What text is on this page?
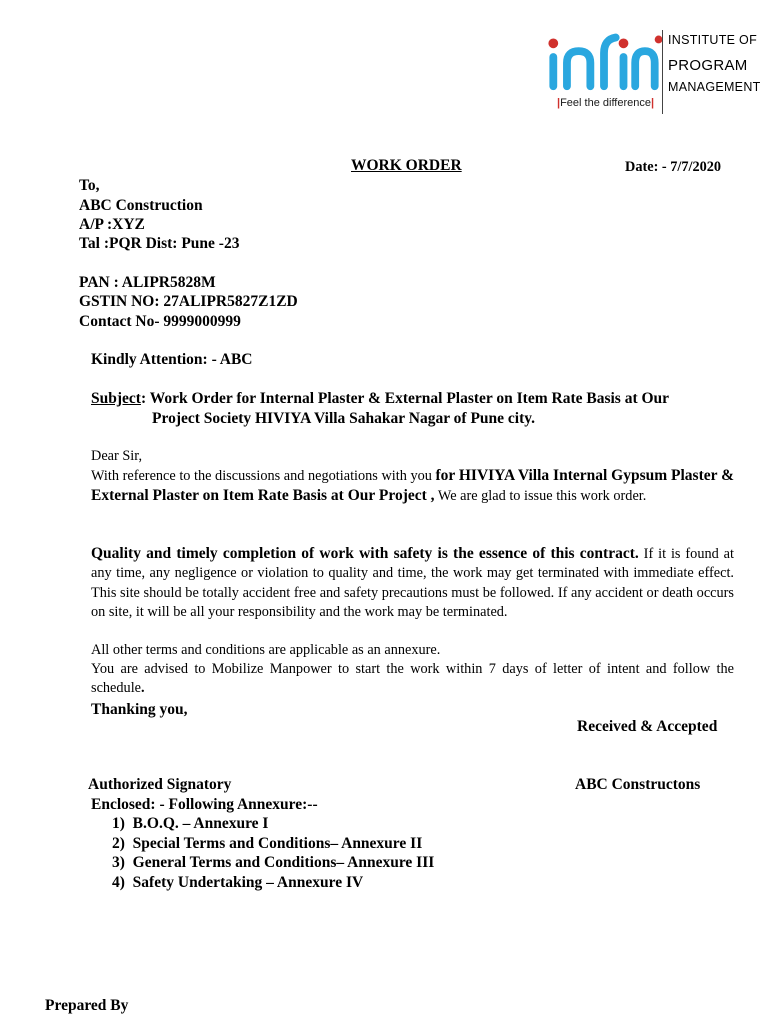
|Feel the difference|
INSTITUTE OF
PROGRAM
MANAGEMENT
WORK ORDER	Date: - 7/7/2020
To,
ABC Construction
A/P :XYZ
Tal :PQR Dist: Pune -23
PAN : ALIPR5828M
GSTIN NO: 27ALIPR5827Z1ZD
Contact No- 9999000999
Kindly Attention: - ABC
Subject: Work Order for Internal Plaster & External Plaster on Item Rate Basis at Our
Project Society HIVIYA Villa Sahakar Nagar of Pune city.
Dear Sir,
With reference to the discussions and negotiations with you for HIVIYA Villa Internal Gypsum Plaster & External Plaster on Item Rate Basis at Our Project , We are glad to issue this work order.
Quality and timely completion of work with safety is the essence of this contract. If it is found at any time, any negligence or violation to quality and time, the work may get terminated with immediate effect. This site should be totally accident free and safety precautions must be followed. If any accident or death occurs on site, it will be all your responsibility and the work may be terminated.
All other terms and conditions are applicable as an annexure.
You are advised to Mobilize Manpower to start the work within 7 days of letter of intent and follow the schedule.
Thanking you,
Received & Accepted
Authorized Signatory	ABC Constructons
Enclosed: - Following Annexure:--
1) B.O.Q. – Annexure I
2) Special Terms and Conditions– Annexure II
3) General Terms and Conditions– Annexure III
4) Safety Undertaking – Annexure IV
Prepared By
